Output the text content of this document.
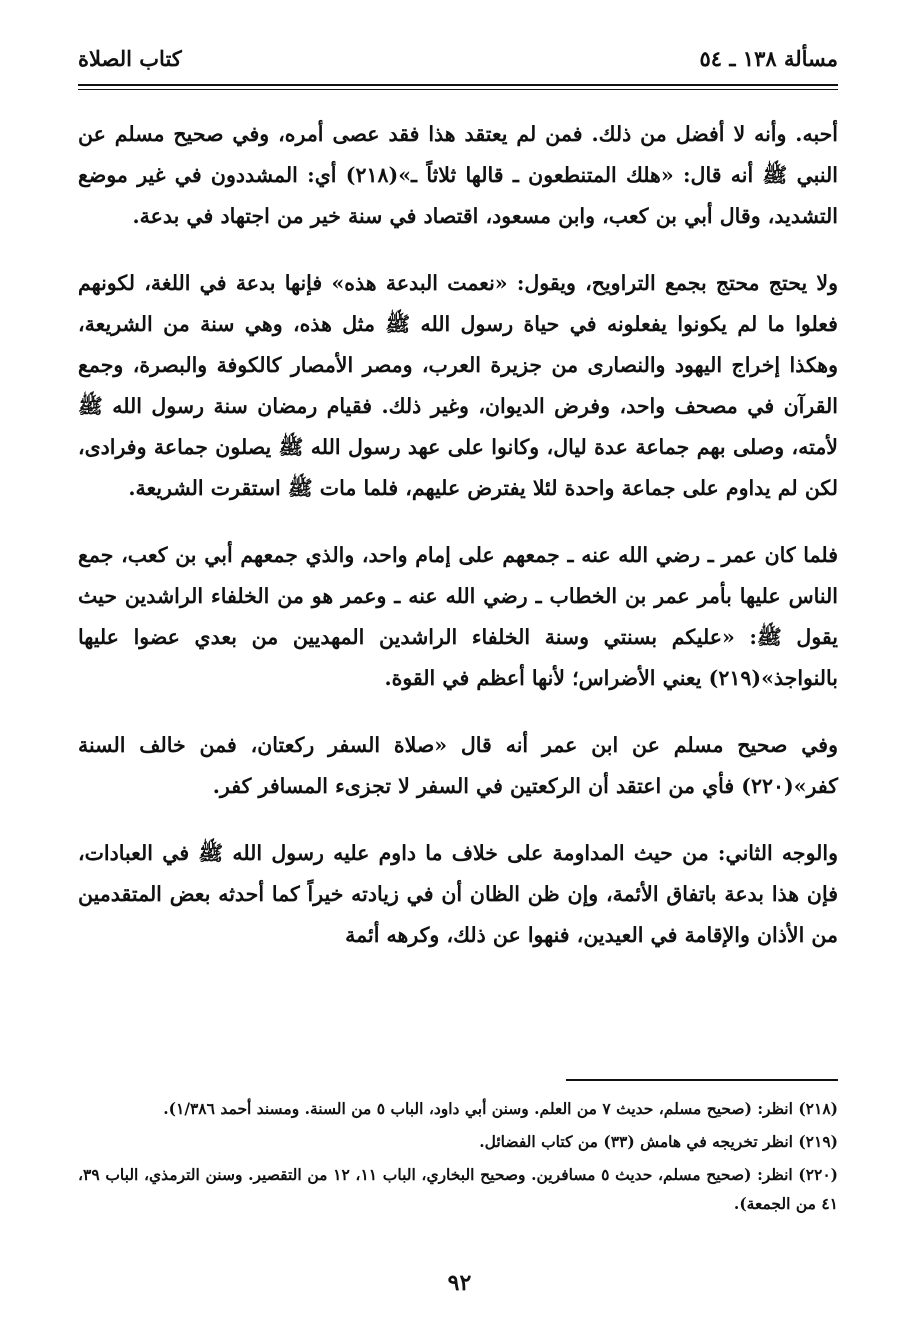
مسألة ١٣٨ ـ ٥٤
كتاب الصلاة

أحبه. وأنه لا أفضل من ذلك. فمن لم يعتقد هذا فقد عصى أمره، وفي صحيح مسلم عن النبي ﷺ أنه قال: «هلك المتنطعون ـ قالها ثلاثاً ـ»(٢١٨) أي: المشددون في غير موضع التشديد، وقال أبي بن كعب، وابن مسعود، اقتصاد في سنة خير من اجتهاد في بدعة.

ولا يحتج محتج بجمع التراويح، ويقول: «نعمت البدعة هذه» فإنها بدعة في اللغة، لكونهم فعلوا ما لم يكونوا يفعلونه في حياة رسول الله ﷺ مثل هذه، وهي سنة من الشريعة، وهكذا إخراج اليهود والنصارى من جزيرة العرب، ومصر الأمصار كالكوفة والبصرة، وجمع القرآن في مصحف واحد، وفرض الديوان، وغير ذلك. فقيام رمضان سنة رسول الله ﷺ لأمته، وصلى بهم جماعة عدة ليال، وكانوا على عهد رسول الله ﷺ يصلون جماعة وفرادى، لكن لم يداوم على جماعة واحدة لئلا يفترض عليهم، فلما مات ﷺ استقرت الشريعة.

فلما كان عمر ـ رضي الله عنه ـ جمعهم على إمام واحد، والذي جمعهم أبي بن كعب، جمع الناس عليها بأمر عمر بن الخطاب ـ رضي الله عنه ـ وعمر هو من الخلفاء الراشدين حيث يقول ﷺ: «عليكم بسنتي وسنة الخلفاء الراشدين المهديين من بعدي عضوا عليها بالنواجذ»(٢١٩) يعني الأضراس؛ لأنها أعظم في القوة.

وفي صحيح مسلم عن ابن عمر أنه قال «صلاة السفر ركعتان، فمن خالف السنة كفر»(٢٢٠) فأي من اعتقد أن الركعتين في السفر لا تجزىء المسافر كفر.

والوجه الثاني: من حيث المداومة على خلاف ما داوم عليه رسول الله ﷺ في العبادات، فإن هذا بدعة باتفاق الأئمة، وإن ظن الظان أن في زيادته خيراً كما أحدثه بعض المتقدمين من الأذان والإقامة في العيدين، فنهوا عن ذلك، وكرهه أئمة

(٢١٨) انظر: (صحيح مسلم، حديث ٧ من العلم. وسنن أبي داود، الباب ٥ من السنة. ومسند أحمد ١/٣٨٦).
(٢١٩) انظر تخريجه في هامش (٣٣) من كتاب الفضائل.
(٢٢٠) انظر: (صحيح مسلم، حديث ٥ مسافرين. وصحيح البخاري، الباب ١١، ١٢ من التقصير. وسنن الترمذي، الباب ٣٩، ٤١ من الجمعة).
٩٢
